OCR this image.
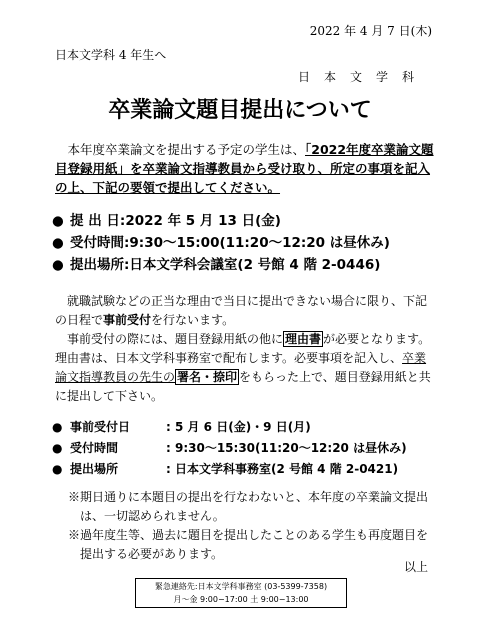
2022 年 4 月 7 日(木)
日本文学科 4 年生へ
日本文学科
卒業論文題目提出について
本年度卒業論文を提出する予定の学生は、「2022年度卒業論文題目登録用紙」を卒業論文指導教員から受け取り、所定の事項を記入の上、下記の要領で提出してください。
● 提 出 日:2022 年 5 月 13 日(金)
● 受付時間:9:30〜15:00(11:20〜12:20 は昼休み)
● 提出場所:日本文学科会議室(2 号館 4 階 2-0446)

就職試験などの正当な理由で当日に提出できない場合に限り、下記の日程で事前受付を行ないます。

事前受付の際には、題目登録用紙の他に 理由書 が必要となります。理由書は、日本文学科事務室で配布します。必要事項を記入し、卒業論文指導教員の先生の 署名・捺印 をもらった上で、題目登録用紙と共に提出して下さい。

● 事前受付日	: 5 月 6 日(金)・9 日(月)
● 受付時間	: 9:30〜15:30(11:20〜12:20 は昼休み)
● 提出場所	: 日本文学科事務室(2 号館 4 階 2-0421)

※期日通りに本題目の提出を行なわないと、本年度の卒業論文提出は、一切認められません。

※過年度生等、過去に題目を提出したことのある学生も再度題目を提出する必要があります。

以上
緊急連絡先:日本文学科事務室 (03-5399-7358)
月〜金 9:00−17:00 土 9:00−13:00
